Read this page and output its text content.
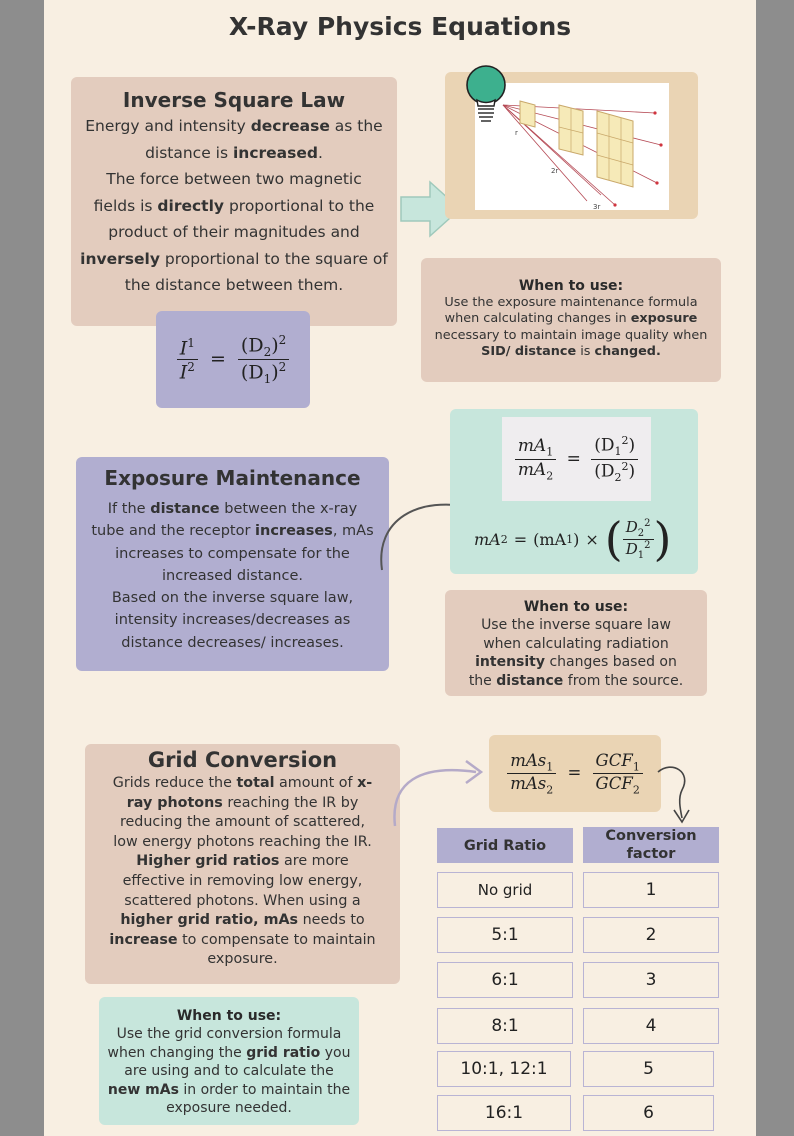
X-Ray Physics Equations
Inverse Square Law
Energy and intensity decrease as the
distance is increased.
The force between two magnetic
fields is directly proportional to the
product of their magnitudes and
inversely proportional to the square of
the distance between them.
$\frac{I^1}{I^2} = \frac{(D_2)^2}{(D_1)^2}$
r
2r
3r
When to use:
Use the exposure maintenance formula
when calculating changes in exposure
necessary to maintain image quality when
SID/ distance is changed.
Exposure Maintenance
If the distance between the x-ray
tube and the receptor increases, mAs
increases to compensate for the
increased distance.
Based on the inverse square law,
intensity increases/decreases as
distance decreases/ increases.
$\frac{mA_1}{mA_2} = \frac{(D_1^2)}{(D_2^2)}$
mA 2 = (mA 1 ) × ( $\frac{D_2^2}{D_1^2}$ )
When to use:
Use the inverse square law
when calculating radiation
intensity changes based on
the distance from the source.
Grid Conversion
Grids reduce the total amount of x-
ray photons reaching the IR by
reducing the amount of scattered,
low energy photons reaching the IR.
Higher grid ratios are more
effective in removing low energy,
scattered photons. When using a
higher grid ratio, mAs needs to
increase to compensate to maintain
exposure.
$\frac{mAs_1}{mAs_2} = \frac{GCF_1}{GCF_2}$
Grid Ratio
Conversion factor
No grid	1
5:1	2
6:1	3
8:1	4
10:1, 12:1	5
16:1	6
When to use:
Use the grid conversion formula
when changing the grid ratio you
are using and to calculate the
new mAs in order to maintain the
exposure needed.
